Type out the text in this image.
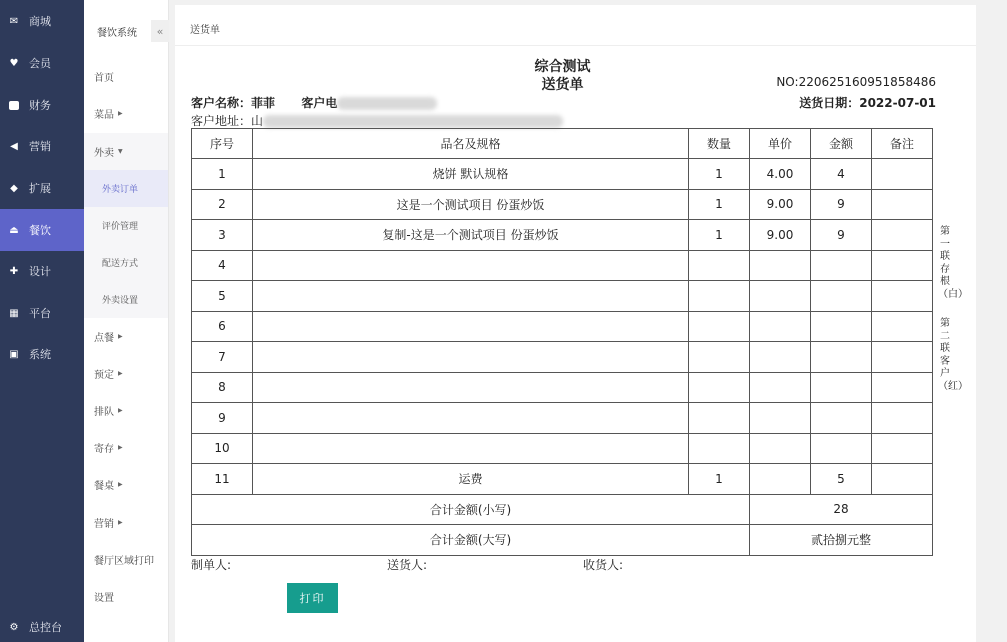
✉ 商城
♥ 会员
财务
◀ 营销
◆ 扩展
⏏ 餐饮
✚ 设计
▦ 平台
▣ 系统
⚙ 总控台
餐饮系统	«
首页
菜品 ▶
外卖 ▼
外卖订单
评价管理
配送方式
外卖设置
点餐 ▶
预定 ▶
排队 ▶
寄存 ▶
餐桌 ▶
营销 ▶
餐厅区域打印
设置
送货单
综合测试
送货单	NO:220625160951858486
送货日期：2022-07-01
客户名称：菲菲 客户电
客户地址：山
序号	品名及规格	数量	单价	金额	备注
1	烧饼 默认规格	1	4.00	4	
2	这是一个测试项目 份蛋炒饭	1	9.00	9	
3	复制-这是一个测试项目 份蛋炒饭	1	9.00	9	
4					
5					
6					
7					
8					
9					
10					
11	运费	1		5	
合计金额(小写)			28		
合计金额(大写)			贰拾捌元整		
第一联存根（白）
第二联客户（红）
制单人:	送货人:	收货人:
打印
